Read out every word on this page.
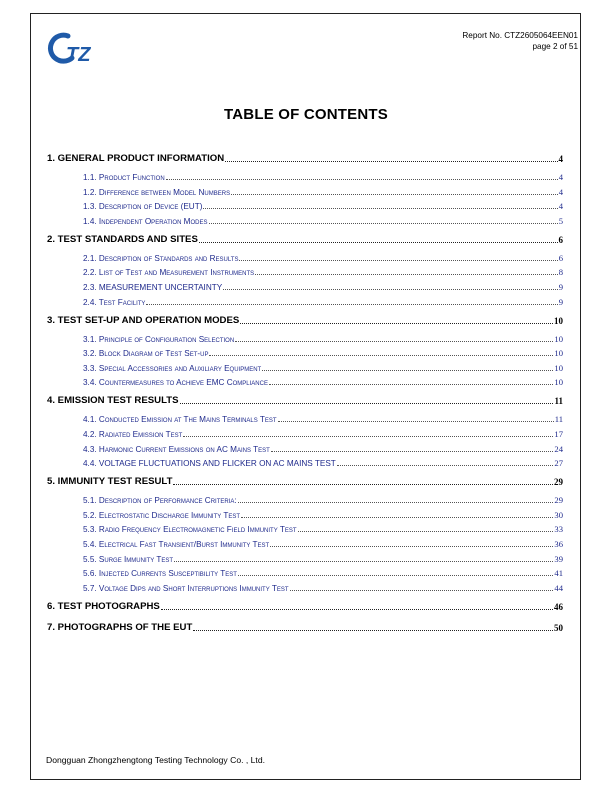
TZ
Report No. CTZ2605064EEN01
page 2 of 51
TABLE OF CONTENTS
1. GENERAL PRODUCT INFORMATION	4
1.1. Product Function	4
1.2. Difference between Model Numbers	4
1.3. Description of Device (EUT)	4
1.4. Independent Operation Modes	5
2. TEST STANDARDS AND SITES	6
2.1. Description of Standards and Results	6
2.2. List of Test and Measurement Instruments	8
2.3. MEASUREMENT UNCERTAINTY	9
2.4. Test Facility	9
3. TEST SET-UP AND OPERATION MODES	10
3.1. Principle of Configuration Selection	10
3.2. Block Diagram of Test Set-up	10
3.3. Special Accessories and Auxiliary Equipment	10
3.4. Countermeasures to Achieve EMC Compliance	10
4. EMISSION TEST RESULTS	11
4.1. Conducted Emission at The Mains Terminals Test	11
4.2. Radiated Emission Test	17
4.3. Harmonic Current Emissions on AC Mains Test	24
4.4. VOLTAGE FLUCTUATIONS AND FLICKER ON AC MAINS TEST	27
5. IMMUNITY TEST RESULT	29
5.1. Description of Performance Criteria:	29
5.2. Electrostatic Discharge Immunity Test	30
5.3. Radio Frequency Electromagnetic Field Immunity Test	33
5.4. Electrical Fast Transient/Burst Immunity Test	36
5.5. Surge Immunity Test	39
5.6. Injected Currents Susceptibility Test	41
5.7. Voltage Dips and Short Interruptions Immunity Test	44
6. TEST PHOTOGRAPHS	46
7. PHOTOGRAPHS OF THE EUT	50
Dongguan Zhongzhengtong Testing Technology Co. , Ltd.
